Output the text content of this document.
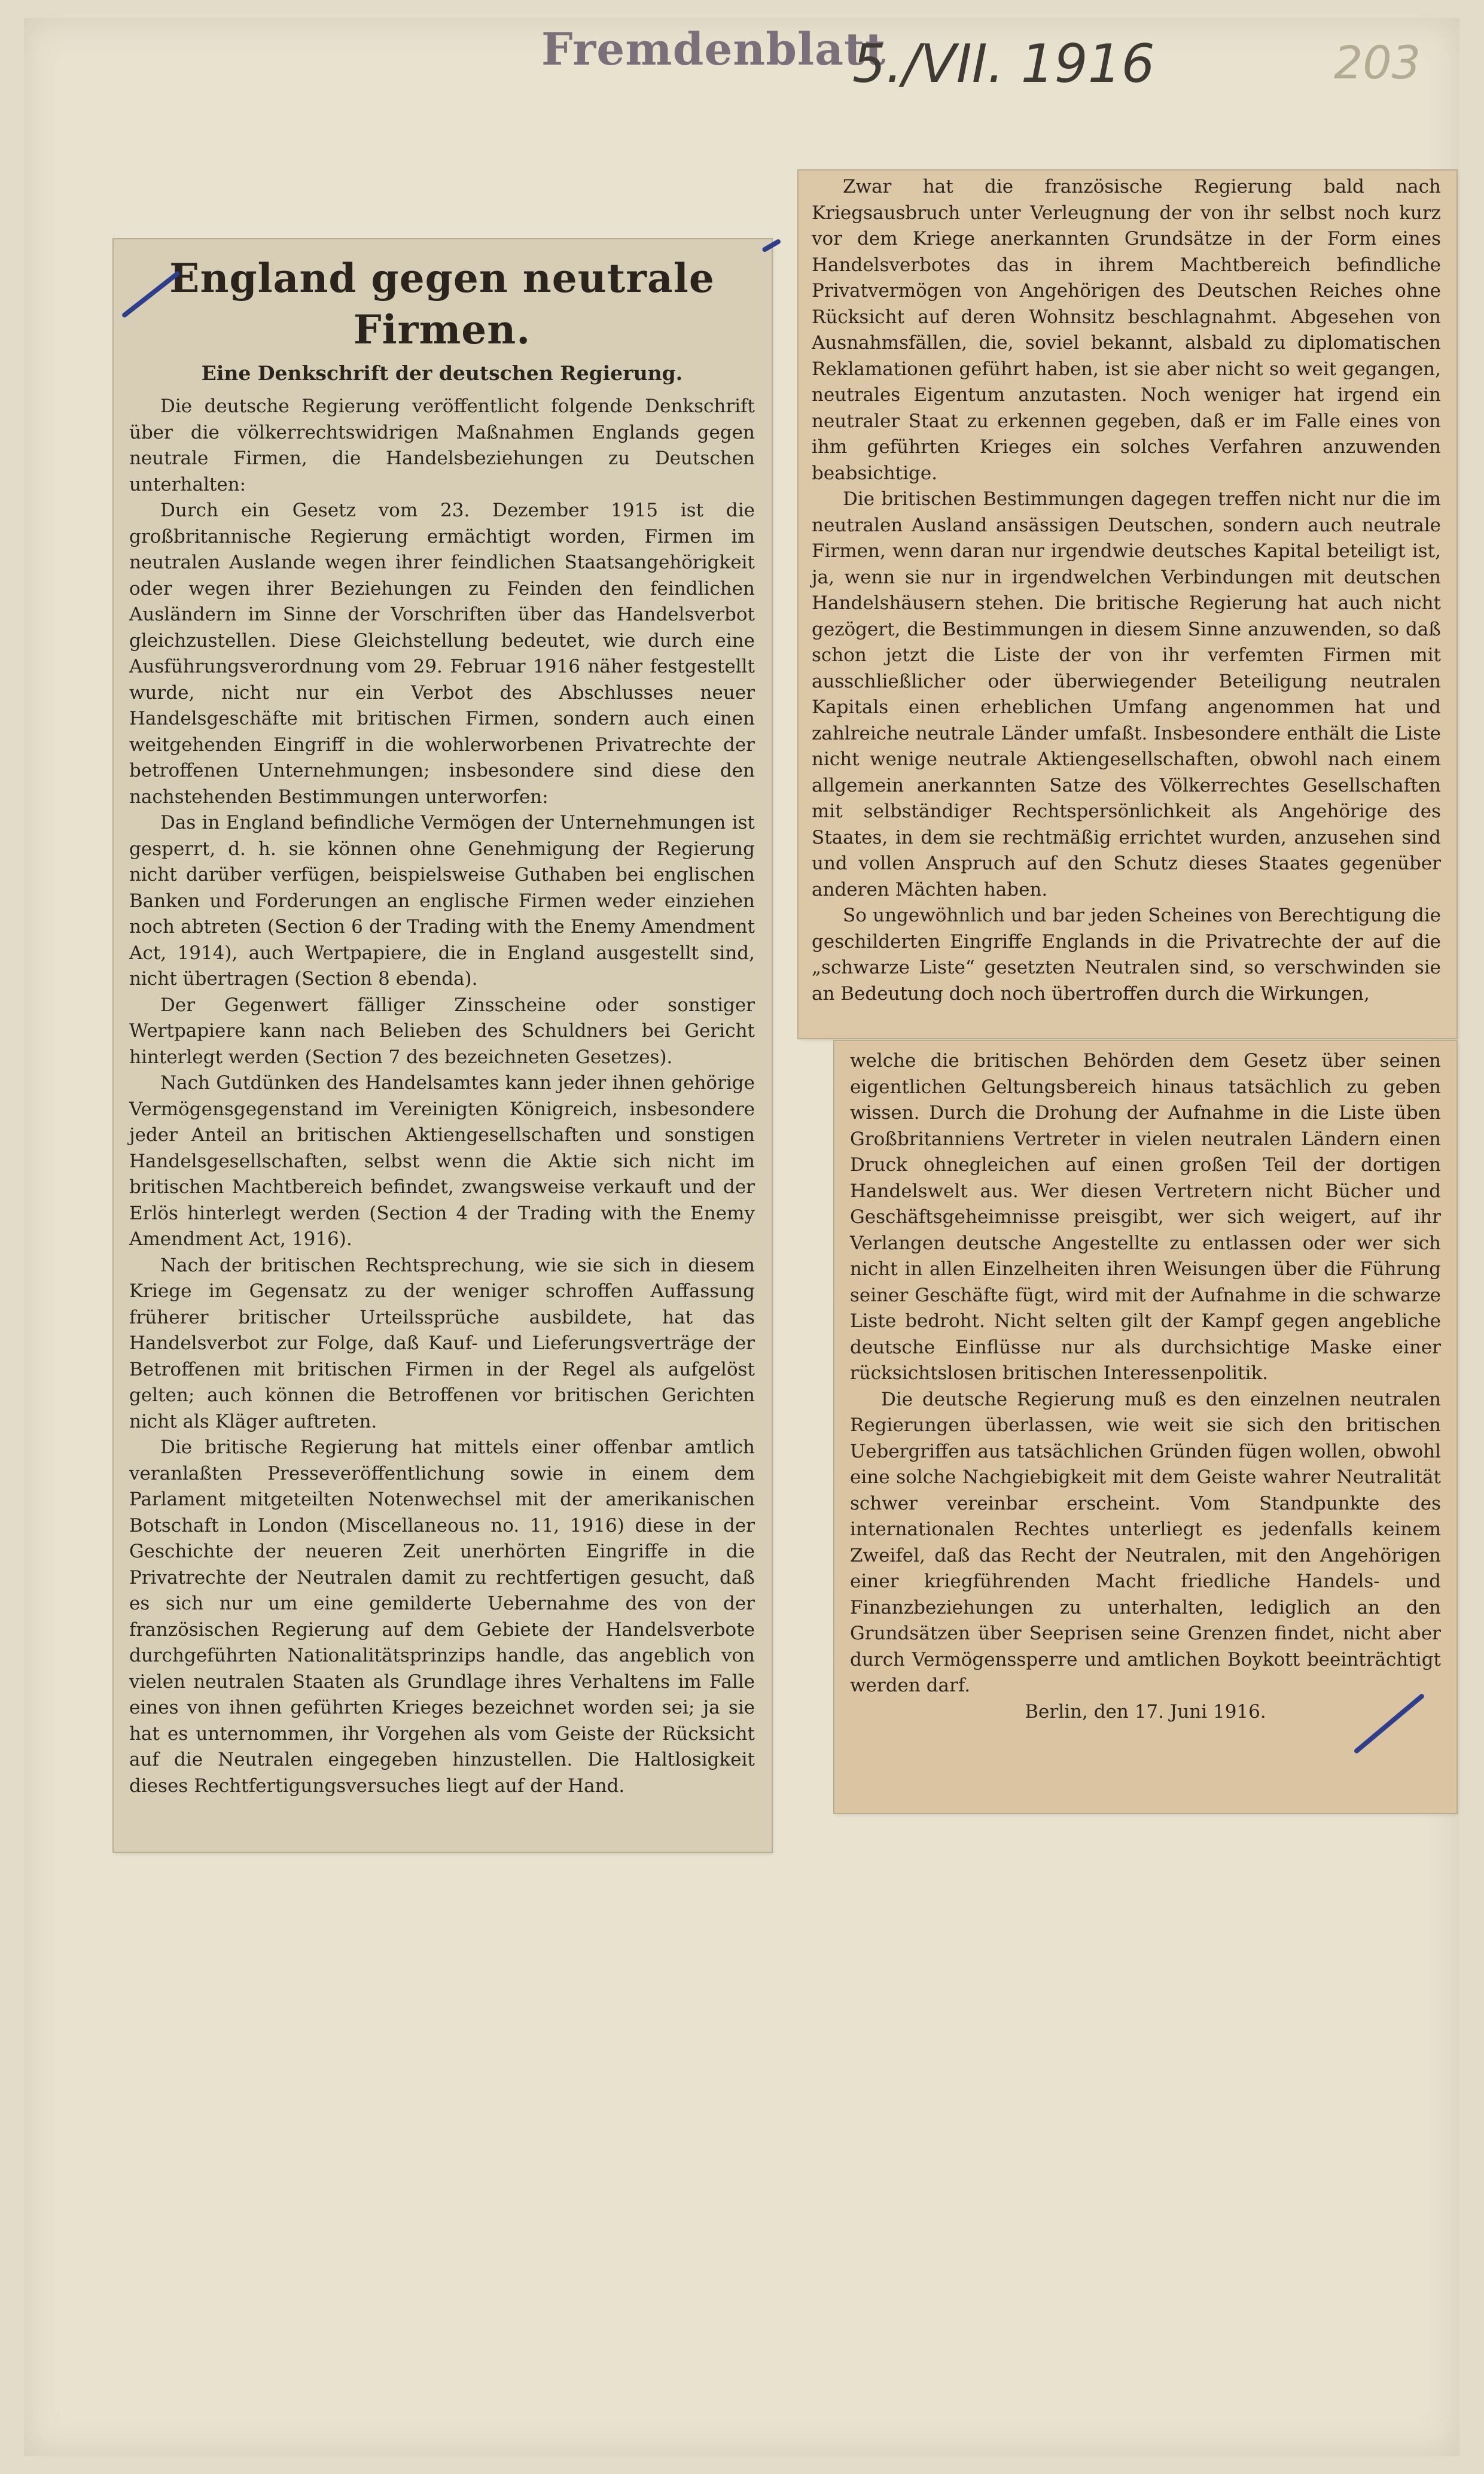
Fremdenblatt
5./VII. 1916	203
England gegen neutrale Firmen.
Eine Denkschrift der deutschen Regierung.

Die deutsche Regierung veröffentlicht folgende Denkschrift über die völkerrechtswidrigen Maßnahmen Englands gegen neutrale Firmen, die Handelsbeziehungen zu Deutschen unterhalten:

Durch ein Gesetz vom 23. Dezember 1915 ist die großbritannische Regierung ermächtigt worden, Firmen im neutralen Auslande wegen ihrer feindlichen Staatsangehörigkeit oder wegen ihrer Beziehungen zu Feinden den feindlichen Ausländern im Sinne der Vorschriften über das Handelsverbot gleichzustellen. Diese Gleichstellung bedeutet, wie durch eine Ausführungsverordnung vom 29. Februar 1916 näher festgestellt wurde, nicht nur ein Verbot des Abschlusses neuer Handelsgeschäfte mit britischen Firmen, sondern auch einen weitgehenden Eingriff in die wohlerworbenen Privatrechte der betroffenen Unternehmungen; insbesondere sind diese den nachstehenden Bestimmungen unterworfen:

Das in England befindliche Vermögen der Unternehmungen ist gesperrt, d. h. sie können ohne Genehmigung der Regierung nicht darüber verfügen, beispielsweise Guthaben bei englischen Banken und Forderungen an englische Firmen weder einziehen noch abtreten (Section 6 der Trading with the Enemy Amendment Act, 1914), auch Wertpapiere, die in England ausgestellt sind, nicht übertragen (Section 8 ebenda).

Der Gegenwert fälliger Zinsscheine oder sonstiger Wertpapiere kann nach Belieben des Schuldners bei Gericht hinterlegt werden (Section 7 des bezeichneten Gesetzes).

Nach Gutdünken des Handelsamtes kann jeder ihnen gehörige Vermögensgegenstand im Vereinigten Königreich, insbesondere jeder Anteil an britischen Aktiengesellschaften und sonstigen Handelsgesellschaften, selbst wenn die Aktie sich nicht im britischen Machtbereich befindet, zwangsweise verkauft und der Erlös hinterlegt werden (Section 4 der Trading with the Enemy Amendment Act, 1916).

Nach der britischen Rechtsprechung, wie sie sich in diesem Kriege im Gegensatz zu der weniger schroffen Auffassung früherer britischer Urteilssprüche ausbildete, hat das Handelsverbot zur Folge, daß Kauf- und Lieferungsverträge der Betroffenen mit britischen Firmen in der Regel als aufgelöst gelten; auch können die Betroffenen vor britischen Gerichten nicht als Kläger auftreten.

Die britische Regierung hat mittels einer offenbar amtlich veranlaßten Presseveröffentlichung sowie in einem dem Parlament mitgeteilten Notenwechsel mit der amerikanischen Botschaft in London (Miscellaneous no. 11, 1916) diese in der Geschichte der neueren Zeit unerhörten Eingriffe in die Privatrechte der Neutralen damit zu rechtfertigen gesucht, daß es sich nur um eine gemilderte Uebernahme des von der französischen Regierung auf dem Gebiete der Handelsverbote durchgeführten Nationalitätsprinzips handle, das angeblich von vielen neutralen Staaten als Grundlage ihres Verhaltens im Falle eines von ihnen geführten Krieges bezeichnet worden sei; ja sie hat es unternommen, ihr Vorgehen als vom Geiste der Rücksicht auf die Neutralen eingegeben hinzustellen. Die Haltlosigkeit dieses Rechtfertigungsversuches liegt auf der Hand.

Zwar hat die französische Regierung bald nach Kriegsausbruch unter Verleugnung der von ihr selbst noch kurz vor dem Kriege anerkannten Grundsätze in der Form eines Handelsverbotes das in ihrem Machtbereich befindliche Privatvermögen von Angehörigen des Deutschen Reiches ohne Rücksicht auf deren Wohnsitz beschlagnahmt. Abgesehen von Ausnahmsfällen, die, soviel bekannt, alsbald zu diplomatischen Reklamationen geführt haben, ist sie aber nicht so weit gegangen, neutrales Eigentum anzutasten. Noch weniger hat irgend ein neutraler Staat zu erkennen gegeben, daß er im Falle eines von ihm geführten Krieges ein solches Verfahren anzuwenden beabsichtige.

Die britischen Bestimmungen dagegen treffen nicht nur die im neutralen Ausland ansässigen Deutschen, sondern auch neutrale Firmen, wenn daran nur irgendwie deutsches Kapital beteiligt ist, ja, wenn sie nur in irgendwelchen Verbindungen mit deutschen Handelshäusern stehen. Die britische Regierung hat auch nicht gezögert, die Bestimmungen in diesem Sinne anzuwenden, so daß schon jetzt die Liste der von ihr verfemten Firmen mit ausschließlicher oder überwiegender Beteiligung neutralen Kapitals einen erheblichen Umfang angenommen hat und zahlreiche neutrale Länder umfaßt. Insbesondere enthält die Liste nicht wenige neutrale Aktiengesellschaften, obwohl nach einem allgemein anerkannten Satze des Völkerrechtes Gesellschaften mit selbständiger Rechtspersönlichkeit als Angehörige des Staates, in dem sie rechtmäßig errichtet wurden, anzusehen sind und vollen Anspruch auf den Schutz dieses Staates gegenüber anderen Mächten haben.

So ungewöhnlich und bar jeden Scheines von Berechtigung die geschilderten Eingriffe Englands in die Privatrechte der auf die „schwarze Liste“ gesetzten Neutralen sind, so verschwinden sie an Bedeutung doch noch übertroffen durch die Wirkungen,

welche die britischen Behörden dem Gesetz über seinen eigentlichen Geltungsbereich hinaus tatsächlich zu geben wissen. Durch die Drohung der Aufnahme in die Liste üben Großbritanniens Vertreter in vielen neutralen Ländern einen Druck ohnegleichen auf einen großen Teil der dortigen Handelswelt aus. Wer diesen Vertretern nicht Bücher und Geschäftsgeheimnisse preisgibt, wer sich weigert, auf ihr Verlangen deutsche Angestellte zu entlassen oder wer sich nicht in allen Einzelheiten ihren Weisungen über die Führung seiner Geschäfte fügt, wird mit der Aufnahme in die schwarze Liste bedroht. Nicht selten gilt der Kampf gegen angebliche deutsche Einflüsse nur als durchsichtige Maske einer rücksichtslosen britischen Interessenpolitik.

Die deutsche Regierung muß es den einzelnen neutralen Regierungen überlassen, wie weit sie sich den britischen Uebergriffen aus tatsächlichen Gründen fügen wollen, obwohl eine solche Nachgiebigkeit mit dem Geiste wahrer Neutralität schwer vereinbar erscheint. Vom Standpunkte des internationalen Rechtes unterliegt es jedenfalls keinem Zweifel, daß das Recht der Neutralen, mit den Angehörigen einer kriegführenden Macht friedliche Handels- und Finanzbeziehungen zu unterhalten, lediglich an den Grundsätzen über Seeprisen seine Grenzen findet, nicht aber durch Vermögenssperre und amtlichen Boykott beeinträchtigt werden darf.

Berlin, den 17. Juni 1916.
